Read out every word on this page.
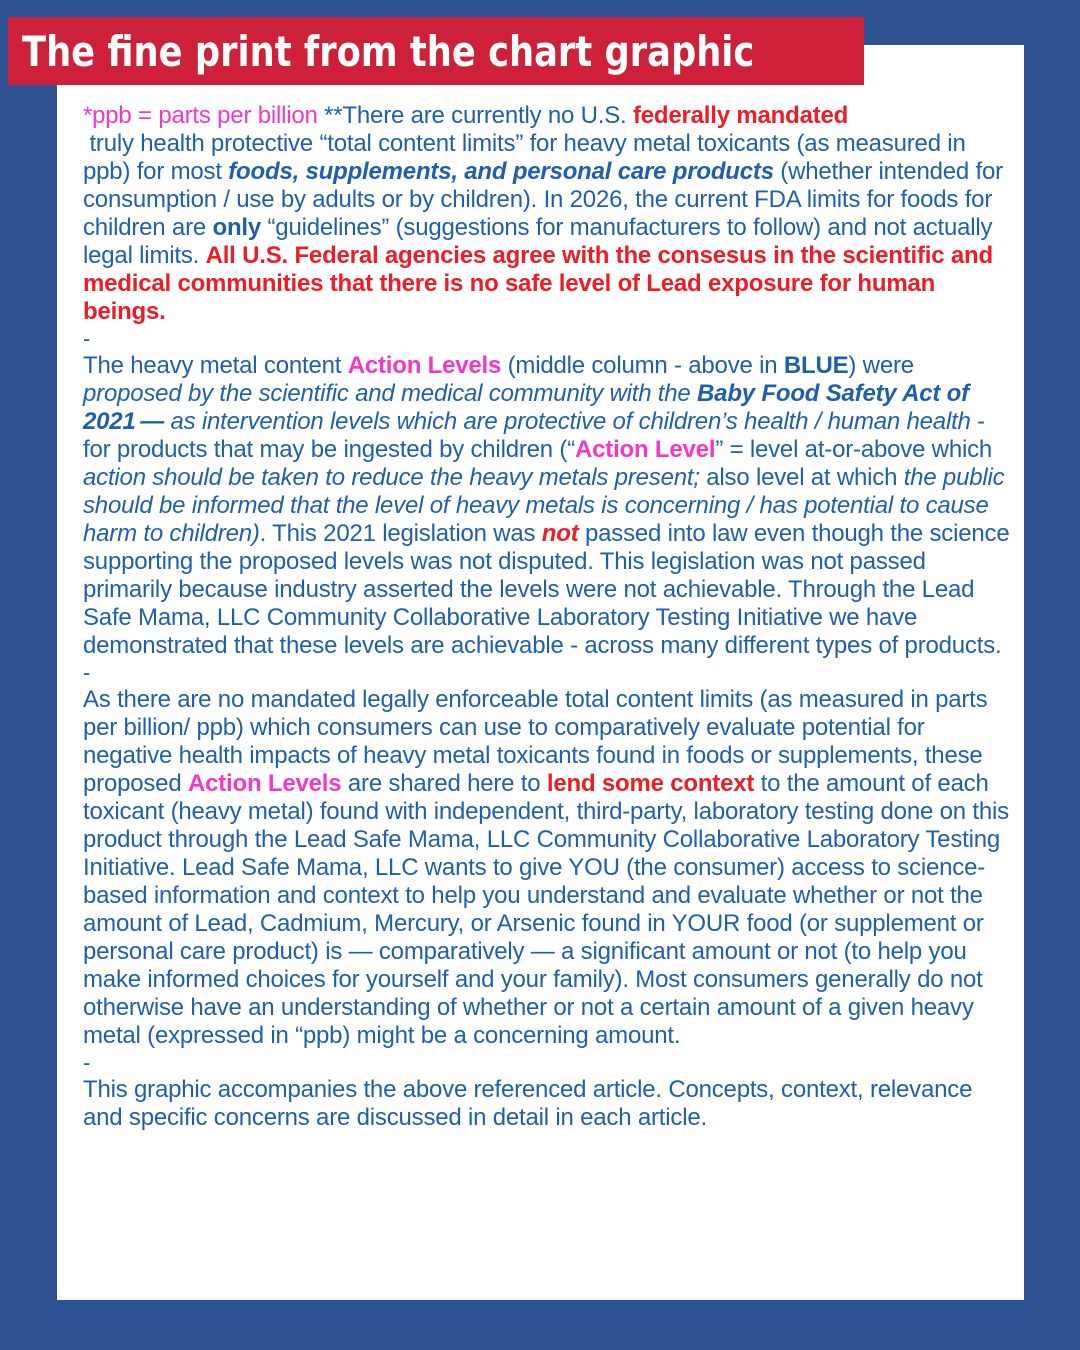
*ppb = parts per billion **There are currently no U.S. federally mandated
truly health protective “total content limits” for heavy metal toxicants (as measured in ppb) for most foods, supplements, and personal care products (whether intended for consumption / use by adults or by children). In 2026, the current FDA limits for foods for children are only “guidelines” (suggestions for manufacturers to follow) and not actually legal limits. All U.S. Federal agencies agree with the consesus in the scientific and medical communities that there is no safe level of Lead exposure for human beings.
-
The heavy metal content Action Levels (middle column - above in BLUE) were proposed by the scientific and medical community with the Baby Food Safety Act of 2021 — as intervention levels which are protective of children’s health / human health - for products that may be ingested by children (“Action Level” = level at-or-above which action should be taken to reduce the heavy metals present; also level at which the public should be informed that the level of heavy metals is concerning / has potential to cause harm to children). This 2021 legislation was not passed into law even though the science supporting the proposed levels was not disputed. This legislation was not passed primarily because industry asserted the levels were not achievable. Through the Lead Safe Mama, LLC Community Collaborative Laboratory Testing Initiative we have demonstrated that these levels are achievable - across many different types of products.
-
As there are no mandated legally enforceable total content limits (as measured in parts per billion/ ppb) which consumers can use to comparatively evaluate potential for negative health impacts of heavy metal toxicants found in foods or supplements, these proposed Action Levels are shared here to lend some context to the amount of each toxicant (heavy metal) found with independent, third-party, laboratory testing done on this product through the Lead Safe Mama, LLC Community Collaborative Laboratory Testing Initiative. Lead Safe Mama, LLC wants to give YOU (the consumer) access to science-based information and context to help you understand and evaluate whether or not the amount of Lead, Cadmium, Mercury, or Arsenic found in YOUR food (or supplement or personal care product) is — comparatively — a significant amount or not (to help you make informed choices for yourself and your family). Most consumers generally do not otherwise have an understanding of whether or not a certain amount of a given heavy metal (expressed in “ppb) might be a concerning amount.
-
This graphic accompanies the above referenced article. Concepts, context, relevance and specific concerns are discussed in detail in each article.
The fine print from the chart graphic
